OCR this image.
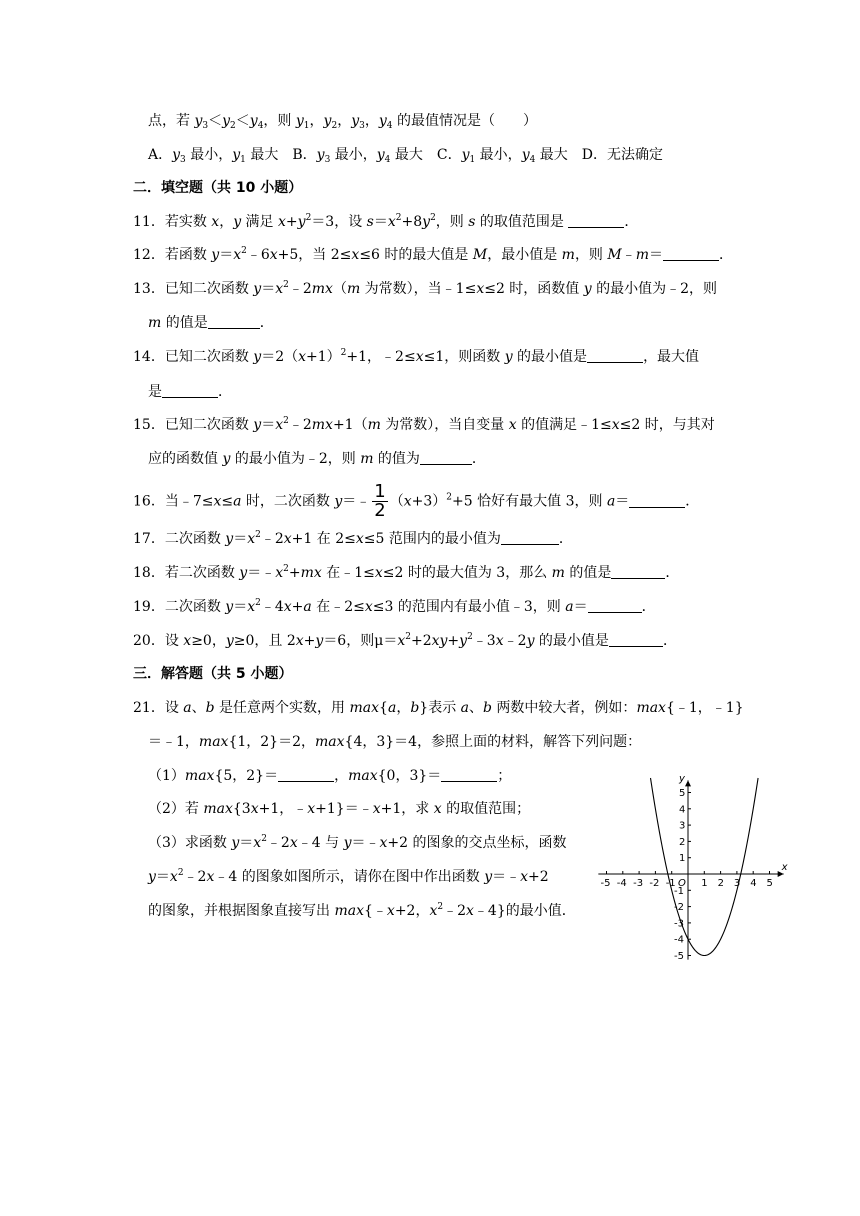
点，若 $y_3<y_2<y_4$，则 $y_1$，$y_2$，$y_3$，$y_4$ 的最值情况是（　　）
A．$y_3$ 最小，$y_1$ 最大　B．$y_3$ 最小，$y_4$ 最大　C．$y_1$ 最小，$y_4$ 最大　D．无法确定
二．填空题（共 10 小题）
11．若实数 x，y 满足 $x+y^2=3$，设 $s=x^2+8y^2$，则 s 的取值范围是	．
12．若函数 $y=x^2﹣6x+5$，当 2≤x≤6 时的最大值是 M，最小值是 m，则 M﹣m＝	．
13．已知二次函数 $y=x^2﹣2mx(m$ 为常数），当﹣1≤x≤2 时，函数值 y 的最小值为﹣2，则
m 的值是	．
14．已知二次函数 $y=2(x+1)^2+1$，﹣2≤x≤1，则函数 y 的最小值是	，最大值
是	．
15．已知二次函数 $y=x^2﹣2mx+1(m$ 为常数），当自变量 x 的值满足﹣1≤x≤2 时，与其对
应的函数值 y 的最小值为﹣2，则 m 的值为	．
16．当﹣7≤x≤a 时，二次函数 y＝﹣ $\frac{1}{2} (x+3)^2+5$ 恰好有最大值 3，则 a＝	．
17．二次函数 $y=x^2﹣2x+1$ 在 2≤x≤5 范围内的最小值为	．
18．若二次函数 $y=﹣x^2+mx$ 在﹣1≤x≤2 时的最大值为 3，那么 m 的值是	．
19．二次函数 $y=x^2﹣4x+a$ 在﹣2≤x≤3 的范围内有最小值﹣3，则 a＝	．
20．设 x≥0，y≥0，且 2x+y＝6，则$\mu=x^2+2xy+y^2﹣3x﹣2y$ 的最小值是	．
三．解答题（共 5 小题）
21．设 a、b 是任意两个实数，用 max{a，b}表示 a、b 两数中较大者，例如：max{﹣1，﹣1}
＝﹣1，max{1，2}＝2，max{4，3}＝4，参照上面的材料，解答下列问题：
（1）max{5，2}＝	，max{0，3}＝	；
（2）若 max{3x+1，﹣x+1}＝﹣x+1，求 x 的取值范围；
（3）求函数 $y=x^2﹣2x﹣4$ 与 y＝﹣x+2 的图象的交点坐标，函数
$y=x^2﹣2x﹣4$ 的图象如图所示，请你在图中作出函数 y＝﹣x+2
的图象，并根据图象直接写出 max{﹣x+2，$x^2﹣2x﹣4$}的最小值．
x
y
O
-5 -4 -3 -2 -1	1 2 3 4 5
-5
-4
-3
-2
-1
1
2
3
4
5
